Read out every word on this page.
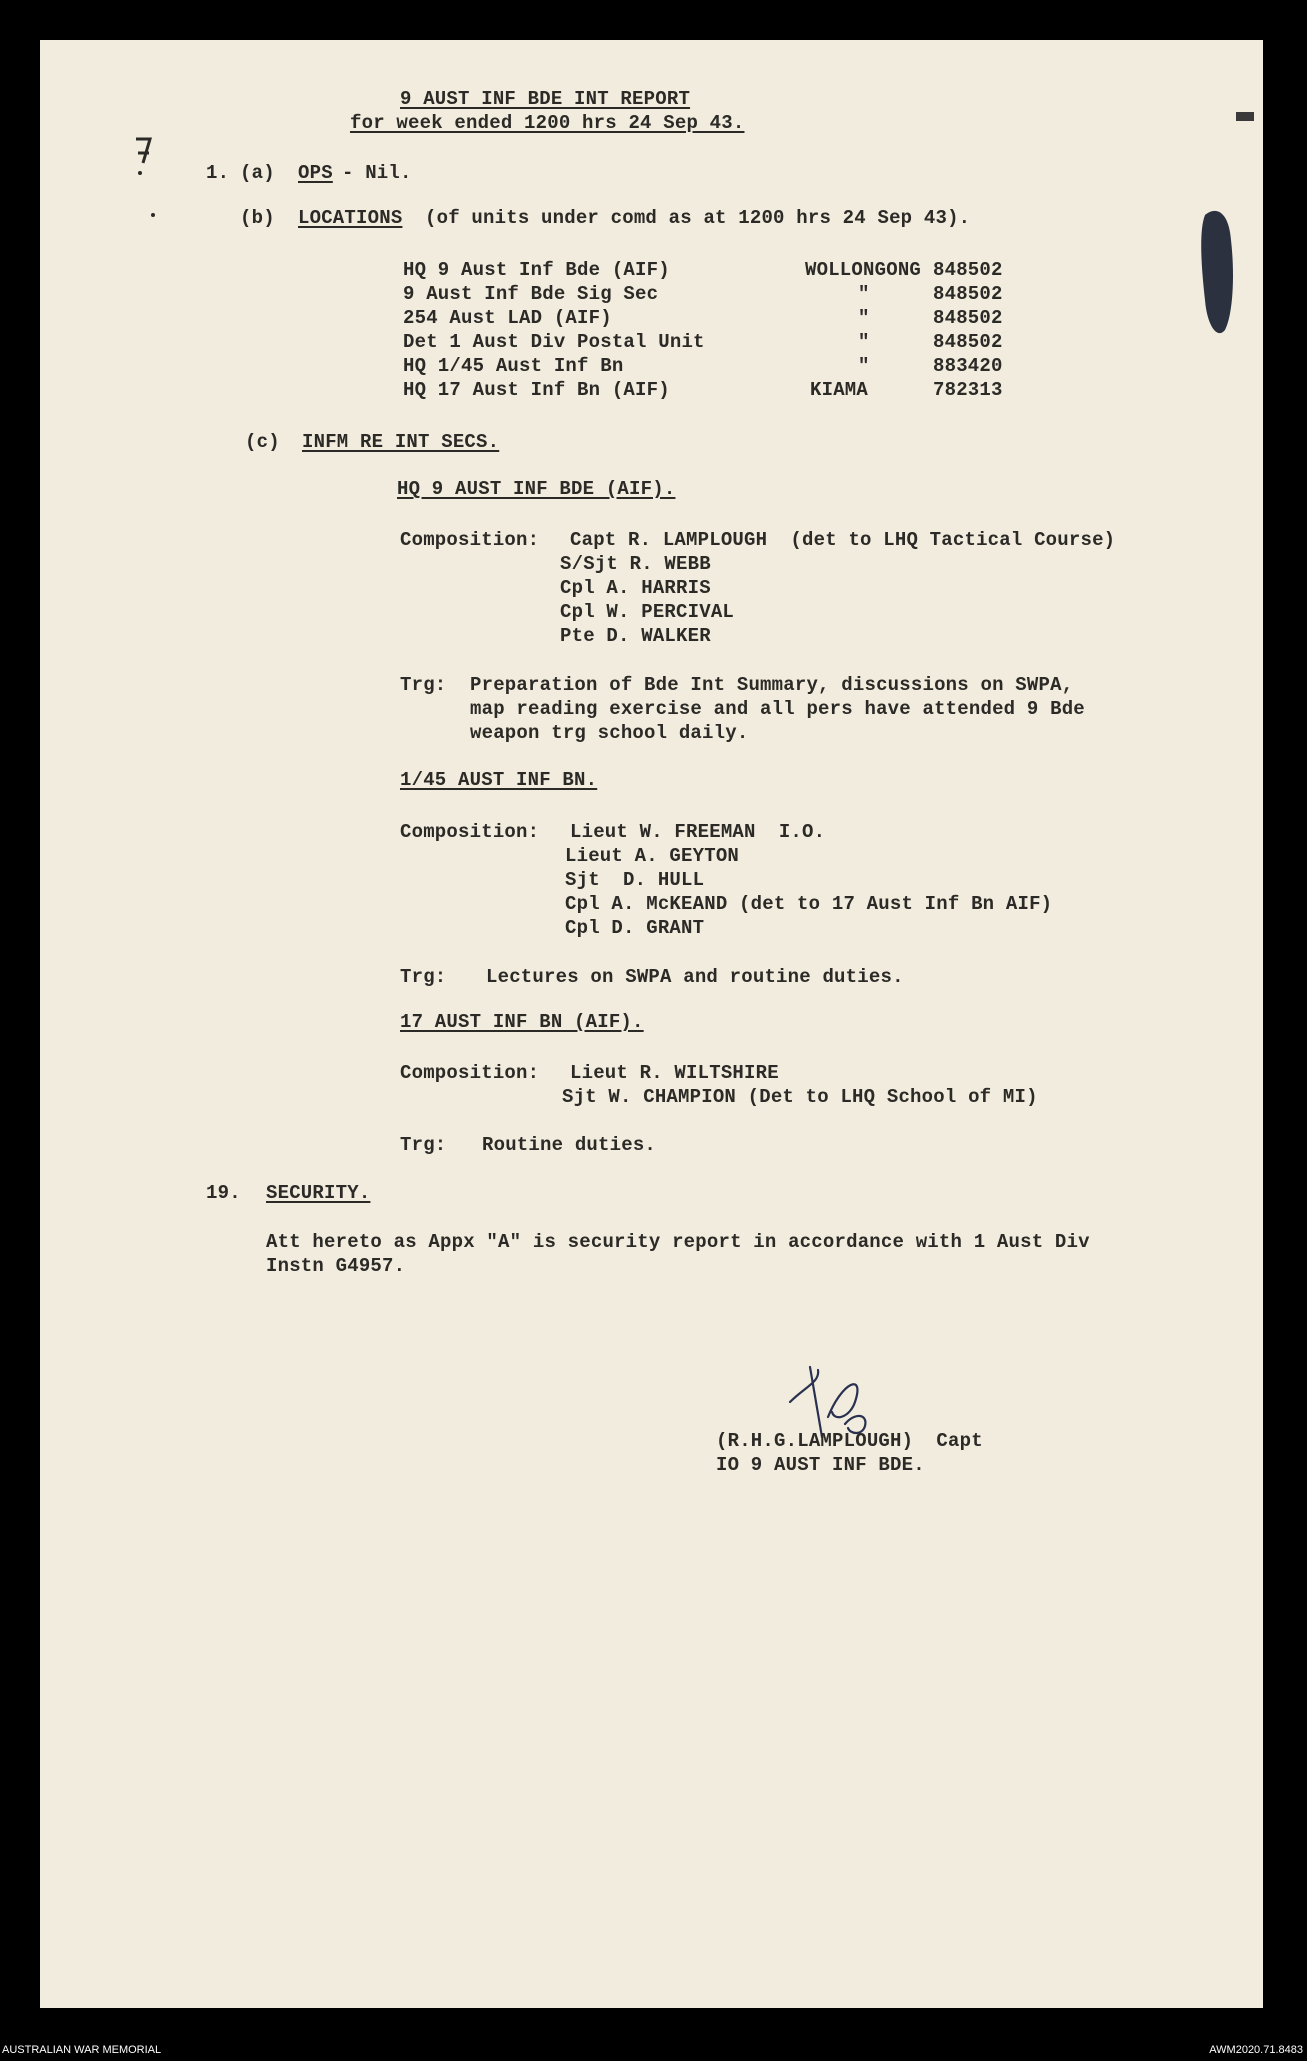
9 AUST INF BDE INT REPORT
for week ended 1200 hrs 24 Sep 43.
1. (a) OPS - Nil.
(b) LOCATIONS (of units under comd as at 1200 hrs 24 Sep 43).
HQ 9 Aust Inf Bde (AIF)	WOLLONGONG 848502
9 Aust Inf Bde Sig Sec	"	848502
254 Aust LAD (AIF)	"	848502
Det 1 Aust Div Postal Unit	"	848502
HQ 1/45 Aust Inf Bn	"	883420
HQ 17 Aust Inf Bn (AIF)	KIAMA	782313
(c) INFM RE INT SECS.
HQ 9 AUST INF BDE (AIF).
Composition: Capt R. LAMPLOUGH  (det to LHQ Tactical Course)
S/Sjt R. WEBB
Cpl A. HARRIS
Cpl W. PERCIVAL
Pte D. WALKER
Trg: Preparation of Bde Int Summary, discussions on SWPA,
map reading exercise and all pers have attended 9 Bde
weapon trg school daily.
1/45 AUST INF BN.
Composition: Lieut W. FREEMAN  I.O.
Lieut A. GEYTON
Sjt  D. HULL
Cpl A. McKEAND (det to 17 Aust Inf Bn AIF)
Cpl D. GRANT
Trg: Lectures on SWPA and routine duties.
17 AUST INF BN (AIF).
Composition: Lieut R. WILTSHIRE
Sjt W. CHAMPION (Det to LHQ School of MI)
Trg: Routine duties.
19. SECURITY.
Att hereto as Appx "A" is security report in accordance with 1 Aust Div
Instn G4957.
(R.H.G.LAMPLOUGH)  Capt
IO 9 AUST INF BDE.
AUSTRALIAN WAR MEMORIAL	AWM2020.71.8483
